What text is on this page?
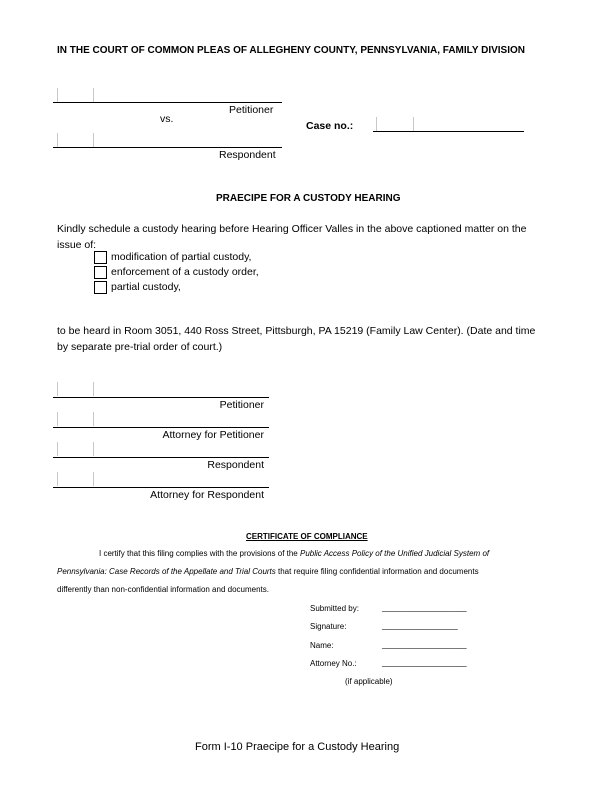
IN THE COURT OF COMMON PLEAS OF ALLEGHENY COUNTY, PENNSYLVANIA, FAMILY DIVISION
Petitioner
vs.
Respondent
Case no.:
PRAECIPE FOR A CUSTODY HEARING
Kindly schedule a custody hearing before Hearing Officer Valles in the above captioned matter on the
issue of:
modification of partial custody,
enforcement of a custody order,
partial custody,
to be heard in Room 3051, 440 Ross Street, Pittsburgh, PA 15219 (Family Law Center). (Date and time
by separate pre-trial order of court.)
Petitioner
Attorney for Petitioner
Respondent
Attorney for Respondent
CERTIFICATE OF COMPLIANCE
I certify that this filing complies with the provisions of the Public Access Policy of the Unified Judicial System of
Pennsylvania: Case Records of the Appellate and Trial Courts that require filing confidential information and documents
differently than non-confidential information and documents.
Submitted by:	___________________
Signature:	_________________
Name:	___________________
Attorney No.:	___________________
(if applicable)
Form I-10 Praecipe for a Custody Hearing
